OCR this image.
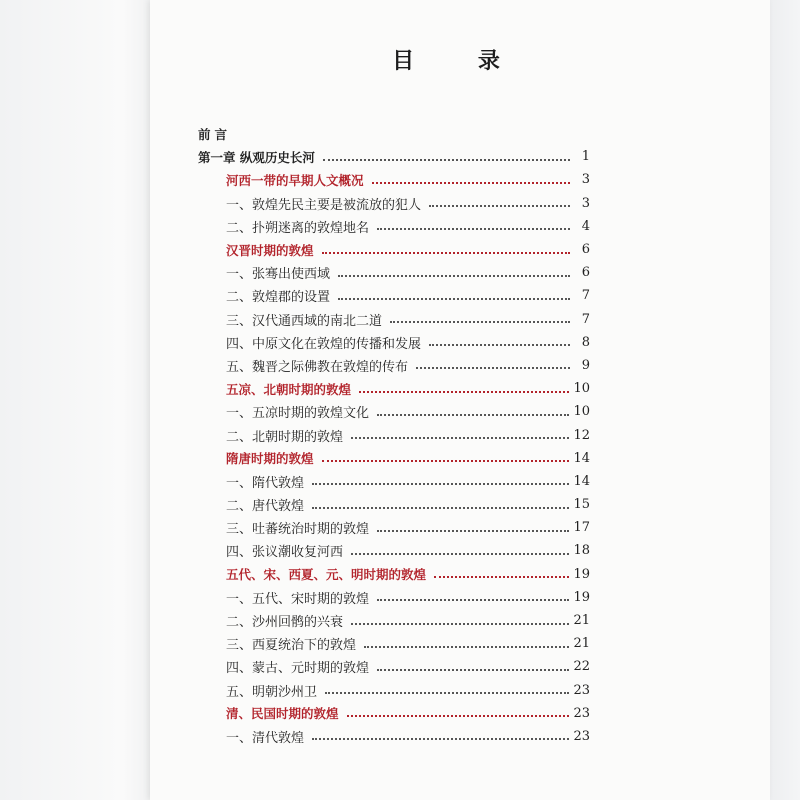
目 录
前言
第一章 纵观历史长河	1
河西一带的早期人文概况	3
一、敦煌先民主要是被流放的犯人	3
二、扑朔迷离的敦煌地名	4
汉晋时期的敦煌	6
一、张骞出使西域	6
二、敦煌郡的设置	7
三、汉代通西域的南北二道	7
四、中原文化在敦煌的传播和发展	8
五、魏晋之际佛教在敦煌的传布	9
五凉、北朝时期的敦煌	10
一、五凉时期的敦煌文化	10
二、北朝时期的敦煌	12
隋唐时期的敦煌	14
一、隋代敦煌	14
二、唐代敦煌	15
三、吐蕃统治时期的敦煌	17
四、张议潮收复河西	18
五代、宋、西夏、元、明时期的敦煌	19
一、五代、宋时期的敦煌	19
二、沙州回鹘的兴衰	21
三、西夏统治下的敦煌	21
四、蒙古、元时期的敦煌	22
五、明朝沙州卫	23
清、民国时期的敦煌	23
一、清代敦煌	23
